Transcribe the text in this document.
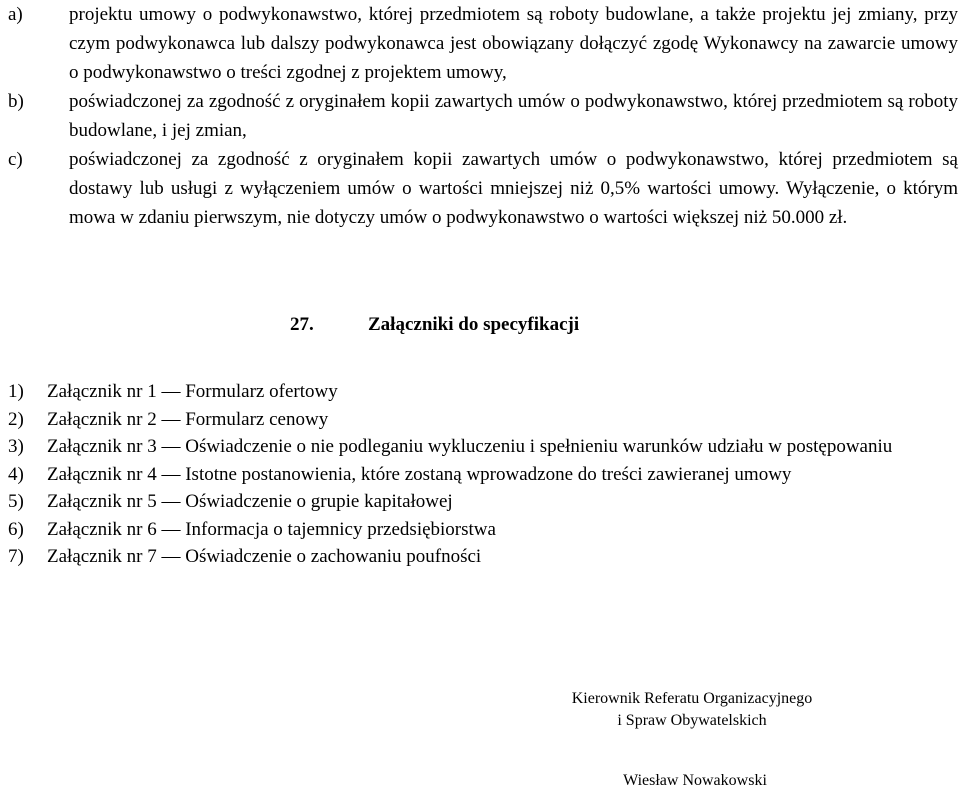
a) projektu umowy o podwykonawstwo, której przedmiotem są roboty budowlane, a także projektu jej zmiany, przy czym podwykonawca lub dalszy podwykonawca jest obowiązany dołączyć zgodę Wykonawcy na zawarcie umowy o podwykonawstwo o treści zgodnej z projektem umowy,
b) poświadczonej za zgodność z oryginałem kopii zawartych umów o podwykonawstwo, której przedmiotem są roboty budowlane, i jej zmian,
c) poświadczonej za zgodność z oryginałem kopii zawartych umów o podwykonawstwo, której przedmiotem są dostawy lub usługi z wyłączeniem umów o wartości mniejszej niż 0,5% wartości umowy. Wyłączenie, o którym mowa w zdaniu pierwszym, nie dotyczy umów o podwykonawstwo o wartości większej niż 50.000 zł.
27.	Załączniki do specyfikacji
1) Załącznik nr 1 — Formularz ofertowy
2) Załącznik nr 2 — Formularz cenowy
3) Załącznik nr 3 — Oświadczenie o nie podleganiu wykluczeniu i spełnieniu warunków udziału w postępowaniu
4) Załącznik nr 4 — Istotne postanowienia, które zostaną wprowadzone do treści zawieranej umowy
5) Załącznik nr 5 — Oświadczenie o grupie kapitałowej
6) Załącznik nr 6 — Informacja o tajemnicy przedsiębiorstwa
7) Załącznik nr 7 — Oświadczenie o zachowaniu poufności
Kierownik Referatu Organizacyjnego
i Spraw Obywatelskich
Wiesław Nowakowski
